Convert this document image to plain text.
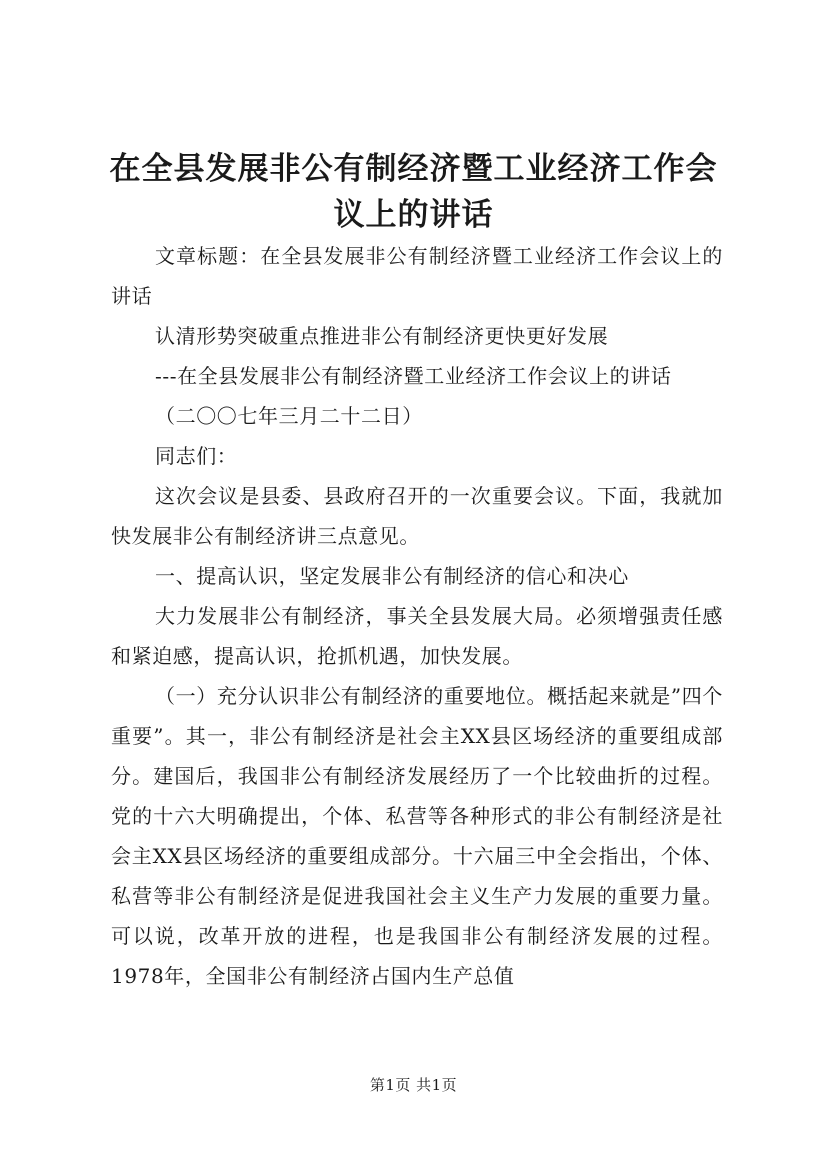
在全县发展非公有制经济暨工业经济工作会议上的讲话

文章标题：在全县发展非公有制经济暨工业经济工作会议上的讲话

认清形势突破重点推进非公有制经济更快更好发展

---在全县发展非公有制经济暨工业经济工作会议上的讲话

（二〇〇七年三月二十二日）

同志们：

这次会议是县委、县政府召开的一次重要会议。下面，我就加快发展非公有制经济讲三点意见。

一、提高认识，坚定发展非公有制经济的信心和决心

大力发展非公有制经济，事关全县发展大局。必须增强责任感和紧迫感，提高认识，抢抓机遇，加快发展。

（一）充分认识非公有制经济的重要地位。概括起来就是”四个重要”。其一，非公有制经济是社会主XX县区场经济的重要组成部分。建国后，我国非公有制经济发展经历了一个比较曲折的过程。党的十六大明确提出，个体、私营等各种形式的非公有制经济是社会主XX县区场经济的重要组成部分。十六届三中全会指出，个体、私营等非公有制经济是促进我国社会主义生产力发展的重要力量。可以说，改革开放的进程，也是我国非公有制经济发展的过程。1978年，全国非公有制经济占国内生产总值

第1页 共1页
